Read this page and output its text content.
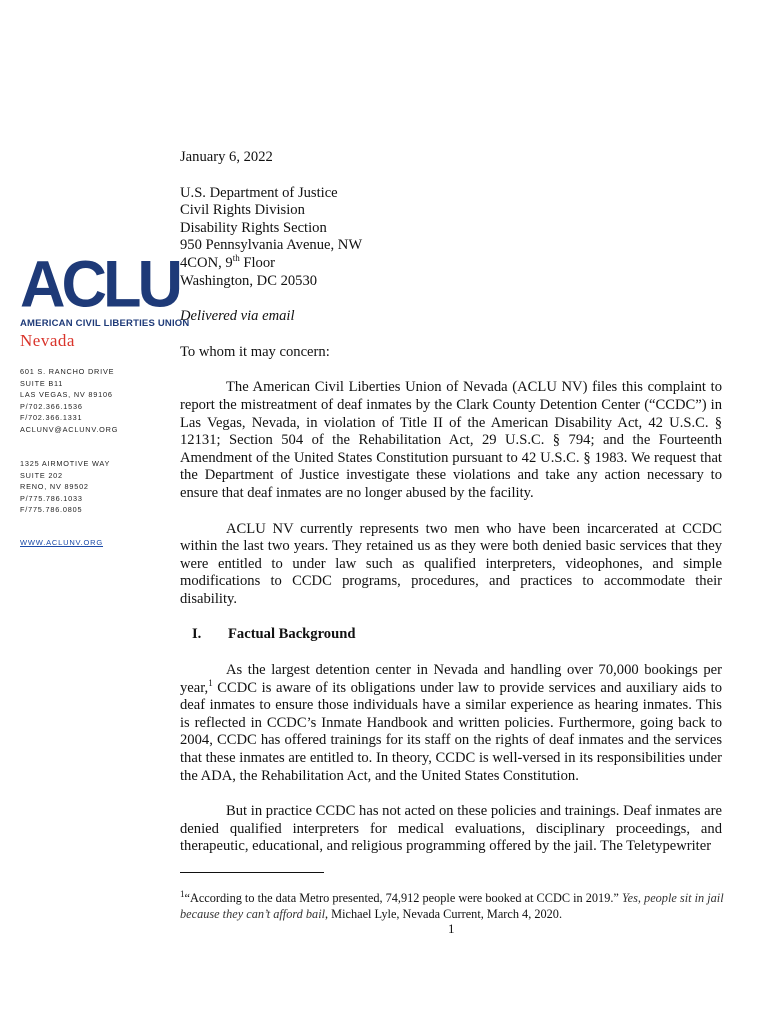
ACLU
AMERICAN CIVIL LIBERTIES UNION
Nevada
601 S. RANCHO DRIVE
SUITE B11
LAS VEGAS, NV 89106
P/702.366.1536
F/702.366.1331
ACLUNV@ACLUNV.ORG
1325 AIRMOTIVE WAY
SUITE 202
RENO, NV 89502
P/775.786.1033
F/775.786.0805
WWW.ACLUNV.ORG
January 6, 2022
U.S. Department of Justice
Civil Rights Division
Disability Rights Section
950 Pennsylvania Avenue, NW
4CON, 9th Floor
Washington, DC 20530
Delivered via email
To whom it may concern:
The American Civil Liberties Union of Nevada (ACLU NV) files this complaint to report the mistreatment of deaf inmates by the Clark County Detention Center (“CCDC”) in Las Vegas, Nevada, in violation of Title II of the American Disability Act, 42 U.S.C. § 12131; Section 504 of the Rehabilitation Act, 29 U.S.C. § 794; and the Fourteenth Amendment of the United States Constitution pursuant to 42 U.S.C. § 1983. We request that the Department of Justice investigate these violations and take any action necessary to ensure that deaf inmates are no longer abused by the facility.
ACLU NV currently represents two men who have been incarcerated at CCDC within the last two years. They retained us as they were both denied basic services that they were entitled to under law such as qualified interpreters, videophones, and simple modifications to CCDC programs, procedures, and practices to accommodate their disability.
I. Factual Background
As the largest detention center in Nevada and handling over 70,000 bookings per year,$^1$ CCDC is aware of its obligations under law to provide services and auxiliary aids to deaf inmates to ensure those individuals have a similar experience as hearing inmates. This is reflected in CCDC’s Inmate Handbook and written policies. Furthermore, going back to 2004, CCDC has offered trainings for its staff on the rights of deaf inmates and the services that these inmates are entitled to. In theory, CCDC is well-versed in its responsibilities under the ADA, the Rehabilitation Act, and the United States Constitution.
But in practice CCDC has not acted on these policies and trainings. Deaf inmates are denied qualified interpreters for medical evaluations, disciplinary proceedings, and therapeutic, educational, and religious programming offered by the jail. The Teletypewriter
$^1$“According to the data Metro presented, 74,912 people were booked at CCDC in 2019.” Yes, people sit in jail because they can’t afford bail, Michael Lyle, Nevada Current, March 4, 2020.
1
